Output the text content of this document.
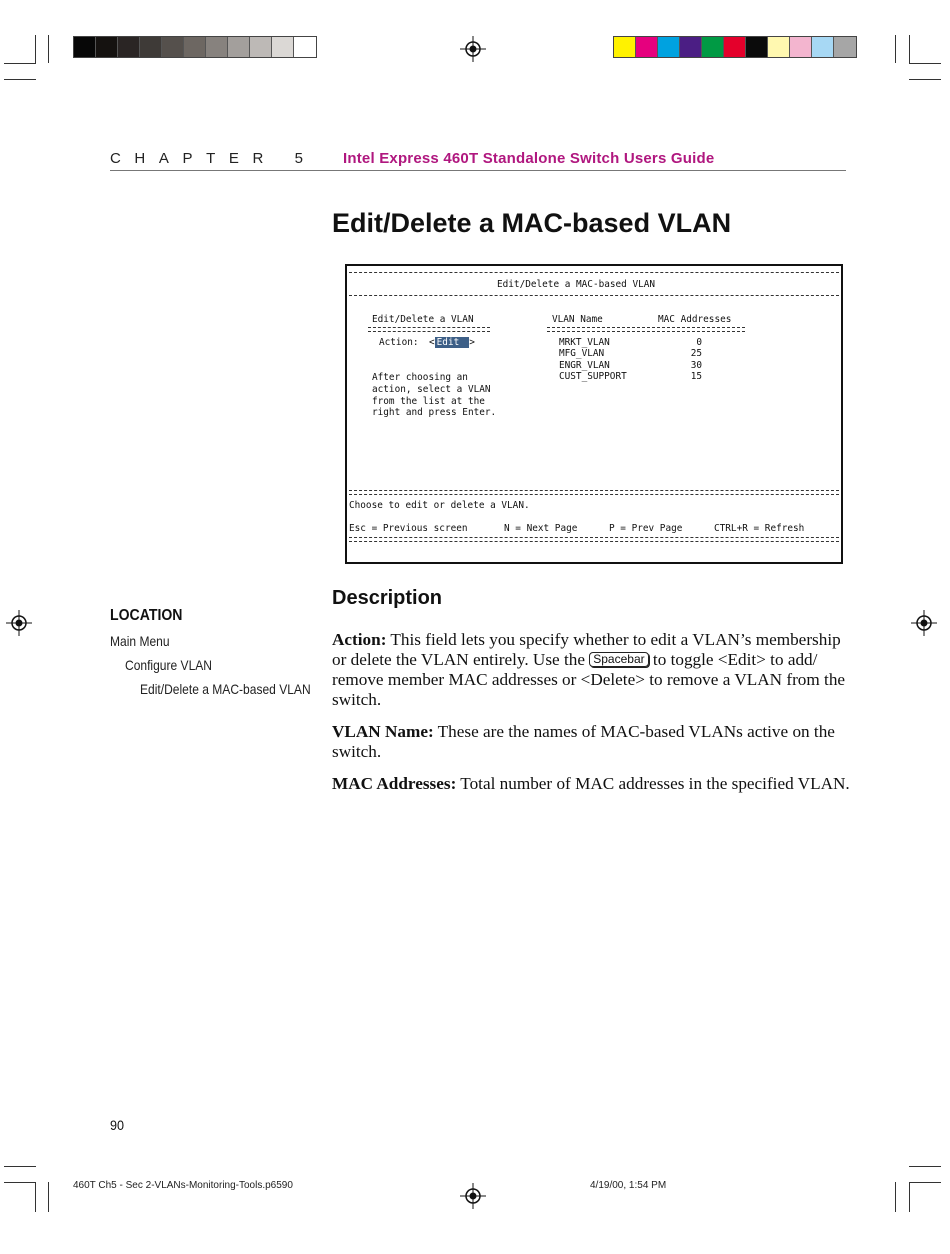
CHAPTER 5 Intel Express 460T Standalone Switch Users Guide
Edit/Delete a MAC-based VLAN
Edit/Delete a MAC-based VLAN
Edit/Delete a VLAN
Action: < Edit >
After choosing an
action, select a VLAN
from the list at the
right and press Enter.
VLAN Name	MAC Addresses
MRKT_VLAN	0
MFG_VLAN	25
ENGR_VLAN	30
CUST_SUPPORT	15
Choose to edit or delete a VLAN.
Esc = Previous screen	N = Next Page	P = Prev Page	CTRL+R = Refresh
Description
Action: This field lets you specify whether to edit a VLAN’s membership or delete the VLAN entirely. Use the Spacebar to toggle <Edit> to add/ remove member MAC addresses or <Delete> to remove a VLAN from the switch.
VLAN Name: These are the names of MAC-based VLANs active on the switch.
MAC Addresses: Total number of MAC addresses in the specified VLAN.
LOCATION
Main Menu
Configure VLAN
Edit/Delete a MAC-based VLAN
90
460T Ch5 - Sec 2-VLANs-Monitoring-Tools.p6590	4/19/00, 1:54 PM
